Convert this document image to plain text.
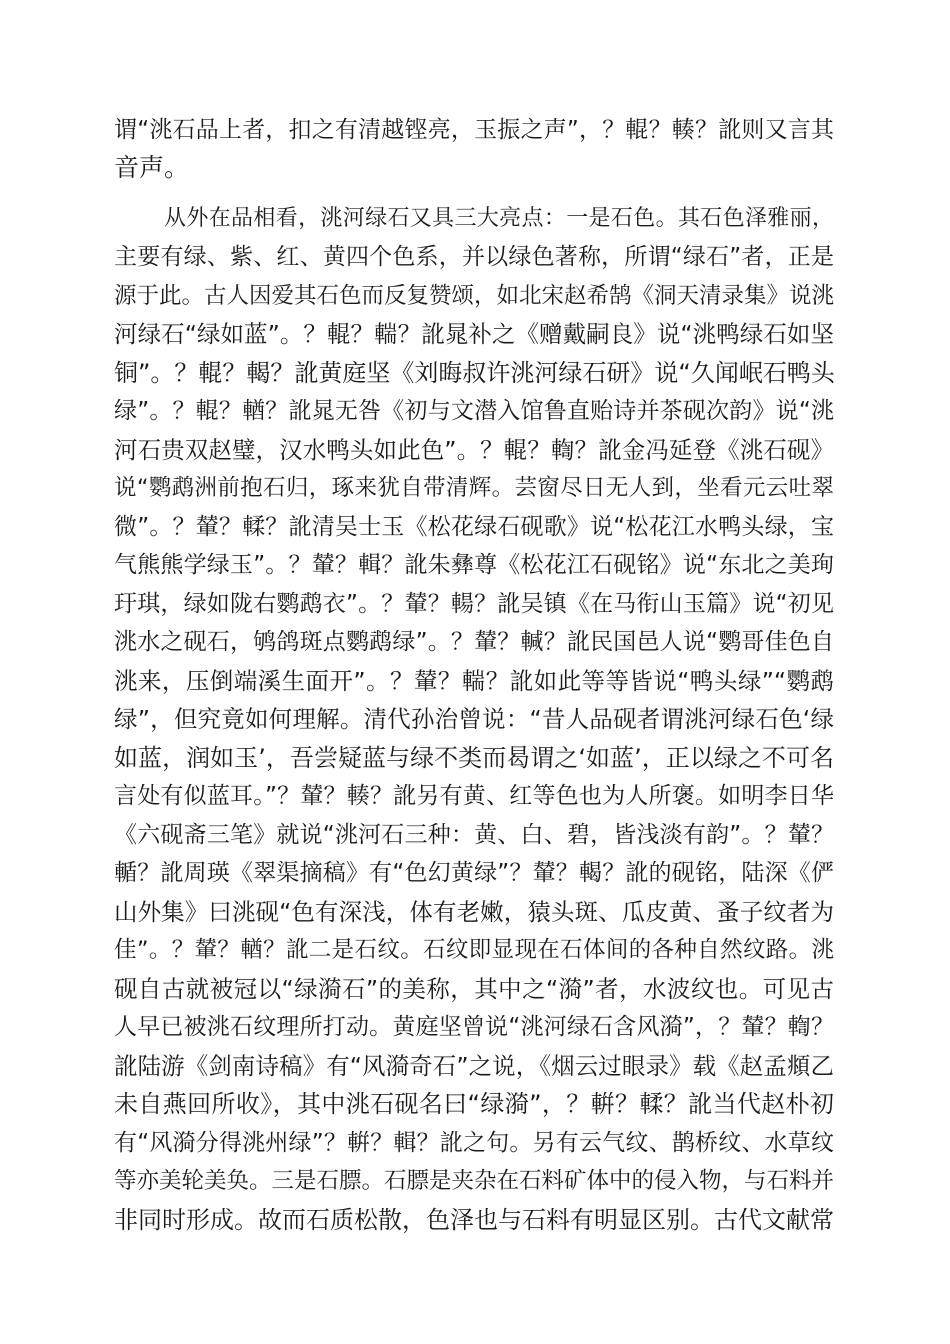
谓“洮石品上者，扣之有清越铿亮，玉振之声”，？輥？輳？訛则又言其
音声。
从外在品相看，洮河绿石又具三大亮点：一是石色。其石色泽雅丽，
主要有绿、紫、红、黄四个色系，并以绿色著称，所谓“绿石”者，正是
源于此。古人因爱其石色而反复赞颂，如北宋赵希鹄《洞天清录集》说洮
河绿石“绿如蓝”。？輥？輲？訛晁补之《赠戴嗣良》说“洮鸭绿石如坚
铜”。？輥？輵？訛黄庭坚《刘晦叔许洮河绿石研》说“久闻岷石鸭头
绿”。？輥？輶？訛晁无咎《初与文潜入馆鲁直贻诗并茶砚次韵》说“洮
河石贵双赵璧，汉水鸭头如此色”。？輥？輷？訛金冯延登《洮石砚》
说“鹦鹉洲前抱石归，琢来犹自带清辉。芸窗尽日无人到，坐看元云吐翠
微”。？輦？輮？訛清吴士玉《松花绿石砚歌》说“松花江水鸭头绿，宝
气熊熊学绿玉”。？輦？輯？訛朱彝尊《松花江石砚铭》说“东北之美珣
玗琪，绿如陇右鹦鹉衣”。？輦？輰？訛吴镇《在马衔山玉篇》说“初见
洮水之砚石，鸲鸽斑点鹦鹉绿”。？輦？輱？訛民国邑人说“鹦哥佳色自
洮来，压倒端溪生面开”。？輦？輲？訛如此等等皆说“鸭头绿”“鹦鹉
绿”，但究竟如何理解。清代孙治曾说：“昔人品砚者谓洮河绿石色‘绿
如蓝，润如玉’，吾尝疑蓝与绿不类而曷谓之‘如蓝’，正以绿之不可名
言处有似蓝耳。”？輦？輳？訛另有黄、红等色也为人所褒。如明李日华
《六砚斋三笔》就说“洮河石三种：黄、白、碧，皆浅淡有韵”。？輦？
輴？訛周瑛《翠渠摘稿》有“色幻黄绿”？輦？輵？訛的砚铭，陆深《俨
山外集》曰洮砚“色有深浅，体有老嫩，猿头斑、瓜皮黄、蚤子纹者为
佳”。？輦？輶？訛二是石纹。石纹即显现在石体间的各种自然纹路。洮
砚自古就被冠以“绿漪石”的美称，其中之“漪”者，水波纹也。可见古
人早已被洮石纹理所打动。黄庭坚曾说“洮河绿石含风漪”，？輦？輷？
訛陆游《剑南诗稿》有“风漪奇石”之说，《烟云过眼录》载《赵孟頫乙
未自燕回所收》，其中洮石砚名曰“绿漪”，？輧？輮？訛当代赵朴初
有“风漪分得洮州绿”？輧？輯？訛之句。另有云气纹、鹊桥纹、水草纹
等亦美轮美奂。三是石膘。石膘是夹杂在石料矿体中的侵入物，与石料并
非同时形成。故而石质松散，色泽也与石料有明显区别。古代文献常
